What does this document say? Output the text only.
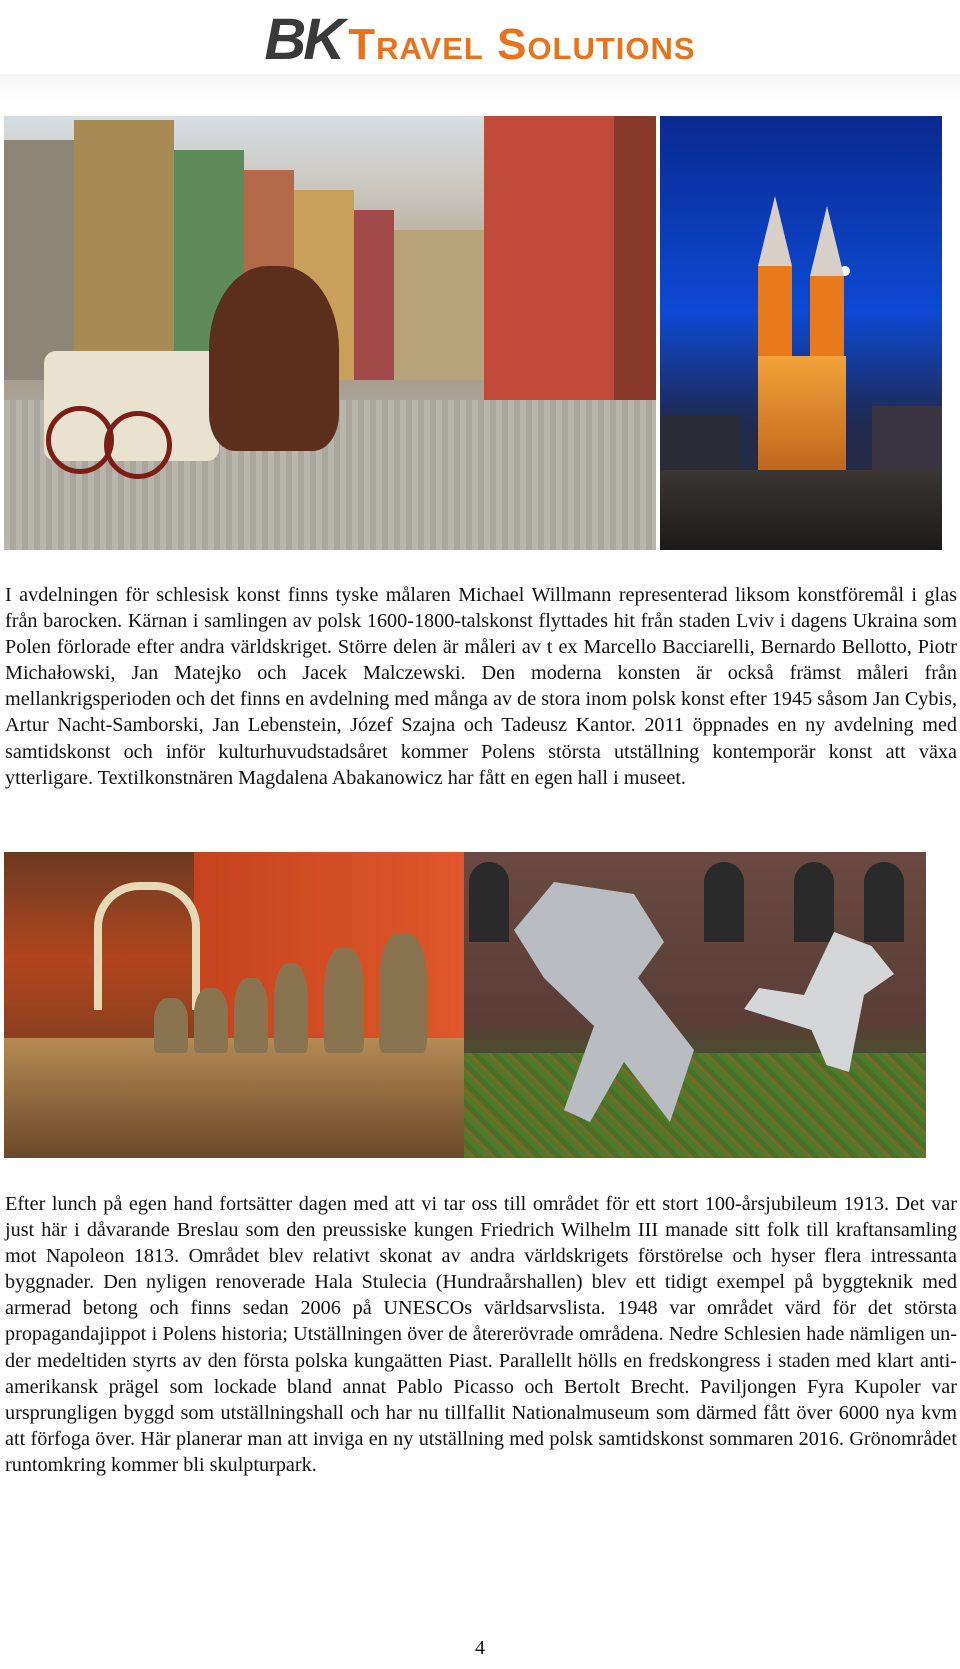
BK Travel Solutions

I avdelningen för schlesisk konst finns tyske målaren Michael Willmann representerad liksom konstföremål i glas från barocken. Kärnan i samlingen av polsk 1600-1800-talskonst flyttades hit från staden Lviv i dagens Ukraina som Polen förlorade efter andra världskriget. Större delen är måleri av t ex Marcello Bacciarelli, Bernardo Bellotto, Piotr Michałowski, Jan Matejko och Jacek Malczewski. Den moderna konsten är också främst måleri från mellankrigsperioden och det finns en avdelning med många av de stora inom polsk konst efter 1945 såsom Jan Cybis, Artur Nacht-Samborski, Jan Lebenstein, Józef Szajna och Tadeusz Kantor. 2011 öppnades en ny avdelning med samtidskonst och inför kulturhuvudstadsåret kommer Polens största utställning kontemporär konst att växa ytterligare. Textilkonstnären Magdalena Abakanowicz har fått en egen hall i museet.

Efter lunch på egen hand fortsätter dagen med att vi tar oss till området för ett stort 100-årsjubileum 1913. Det var just här i dåvarande Breslau som den preussiske kungen Friedrich Wilhelm III manade sitt folk till kraftansamling mot Napoleon 1813. Området blev relativt skonat av andra världskrigets förstörelse och hyser flera intressanta byggnader. Den nyligen renoverade Hala Stulecia (Hundraårshallen) blev ett tidigt exempel på byggteknik med armerad betong och finns sedan 2006 på UNESCOs världsarvslista. 1948 var området värd för det största propagandajippot i Polens historia; Utställningen över de återerövrade områdena. Nedre Schlesien hade nämligen under medeltiden styrts av den första polska kungaätten Piast. Parallellt hölls en fredskongress i staden med klart anti-amerikansk prägel som lockade bland annat Pablo Picasso och Bertolt Brecht. Paviljongen Fyra Kupoler var ursprungligen byggd som utställningshall och har nu tillfallit Nationalmuseum som därmed fått över 6000 nya kvm att förfoga över. Här planerar man att inviga en ny utställning med polsk samtidskonst sommaren 2016. Grönområdet runtomkring kommer bli skulpturpark.

4
